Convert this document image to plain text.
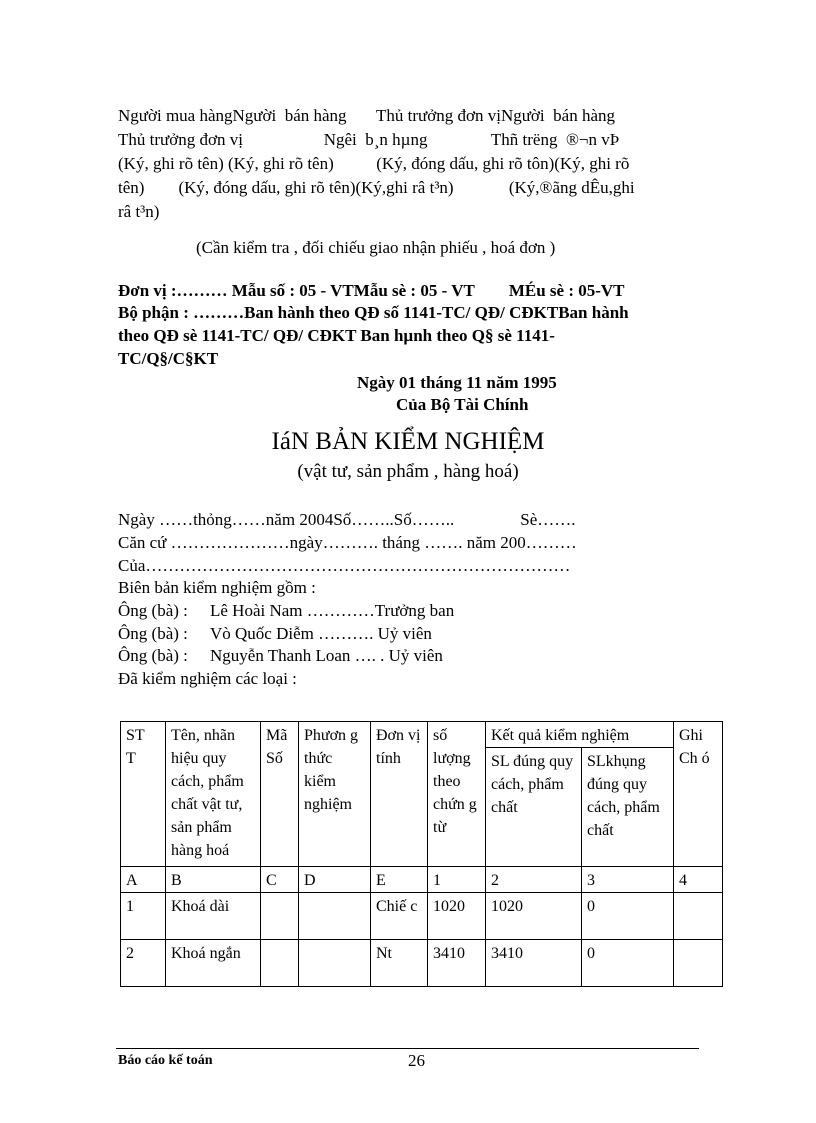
Người mua hàngNgười  bán hàng       Thủ trưởng đơn vịNgười  bán hàng
Thủ trưởng đơn vị                   Ngêi  b¸n hµng               Thñ trëng  ®¬n vÞ
(Ký, ghi rõ tên) (Ký, ghi rõ tên)          (Ký, đóng dấu, ghi rõ tôn)(Ký, ghi rõ
tên)        (Ký, đóng dấu, ghi rõ tên)(Ký,ghi râ t³n)             (Ký,®ãng dÊu,ghi
râ t³n)
(Cần kiểm tra , đối chiếu giao nhận phiếu , hoá đơn )
Đơn vị :……… Mẫu số : 05 - VTMẫu sè : 05 - VT MÉu sè : 05-VT
Bộ phận : ………Ban hành theo QĐ số 1141-TC/ QĐ/ CĐKTBan hành
theo QĐ sè 1141-TC/ QĐ/ CĐKT Ban hµnh theo Q§ sè 1141-
TC/Q§/C§KT
Ngày 01 tháng 11 năm 1995
Của Bộ Tài Chính
IáN BẢN KIỂM NGHIỆM
(vật tư, sản phẩm , hàng hoá)
Ngày ……thỏng……năm 2004Số……..Số……..	Sè…….
Căn cứ …………………ngày………. tháng ……. năm 200………
Của…………………………………………………………………
Biên bản kiểm nghiệm gồm :
Ông (bà) : Lê Hoài Nam …………Trưởng ban
Ông (bà) : Vò Quốc Diễm ………. Uỷ viên
Ông (bà) : Nguyễn Thanh Loan …. . Uỷ viên
Đã kiểm nghiệm các loại :
ST
T	Tên, nhãn hiệu quy cách, phẩm chất vật tư, sản phẩm hàng hoá	Mã Số	Phươn g thức kiểm nghiệm	Đơn vị tính	số lượng theo chứn g từ	Kết quả kiểm nghiệm		Ghi Ch ó
						SL đúng quy cách, phẩm chất	SLkhụng đúng quy cách, phẩm chất	
A	B	C	D	E	1	2	3	4
1	Khoá dài			Chiế c	1020	1020	0	
2	Khoá ngắn			Nt	3410	3410	0	
Báo cáo kế toán	26
